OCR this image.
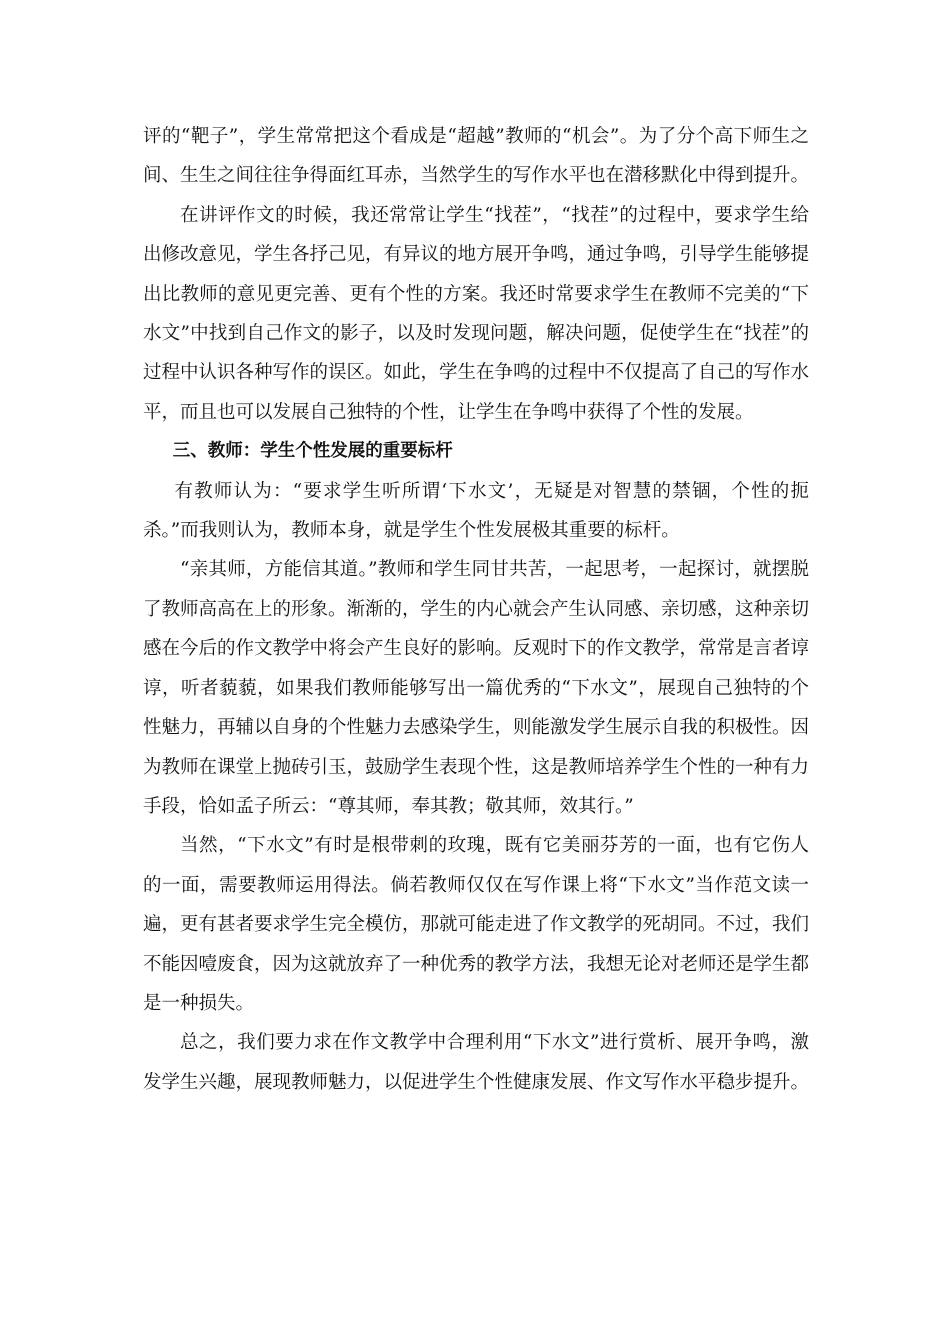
评的“靶子”，学生常常把这个看成是“超越”教师的“机会”。为了分个高下师生之间、生生之间往往争得面红耳赤，当然学生的写作水平也在潜移默化中得到提升。

在讲评作文的时候，我还常常让学生“找茬”，“找茬”的过程中，要求学生给出修改意见，学生各抒己见，有异议的地方展开争鸣，通过争鸣，引导学生能够提出比教师的意见更完善、更有个性的方案。我还时常要求学生在教师不完美的“下水文”中找到自己作文的影子，以及时发现问题，解决问题，促使学生在“找茬”的过程中认识各种写作的误区。如此，学生在争鸣的过程中不仅提高了自己的写作水平，而且也可以发展自己独特的个性，让学生在争鸣中获得了个性的发展。

三、教师：学生个性发展的重要标杆

有教师认为：“要求学生听所谓‘下水文’，无疑是对智慧的禁锢，个性的扼杀。”而我则认为，教师本身，就是学生个性发展极其重要的标杆。

“亲其师，方能信其道。”教师和学生同甘共苦，一起思考，一起探讨，就摆脱了教师高高在上的形象。渐渐的，学生的内心就会产生认同感、亲切感，这种亲切感在今后的作文教学中将会产生良好的影响。反观时下的作文教学，常常是言者谆谆，听者藐藐，如果我们教师能够写出一篇优秀的“下水文”，展现自己独特的个性魅力，再辅以自身的个性魅力去感染学生，则能激发学生展示自我的积极性。因为教师在课堂上抛砖引玉，鼓励学生表现个性，这是教师培养学生个性的一种有力手段，恰如孟子所云：“尊其师，奉其教；敬其师，效其行。”

当然，“下水文”有时是根带刺的玫瑰，既有它美丽芬芳的一面，也有它伤人的一面，需要教师运用得法。倘若教师仅仅在写作课上将“下水文”当作范文读一遍，更有甚者要求学生完全模仿，那就可能走进了作文教学的死胡同。不过，我们不能因噎废食，因为这就放弃了一种优秀的教学方法，我想无论对老师还是学生都是一种损失。

总之，我们要力求在作文教学中合理利用“下水文”进行赏析、展开争鸣，激发学生兴趣，展现教师魅力，以促进学生个性健康发展、作文写作水平稳步提升。
